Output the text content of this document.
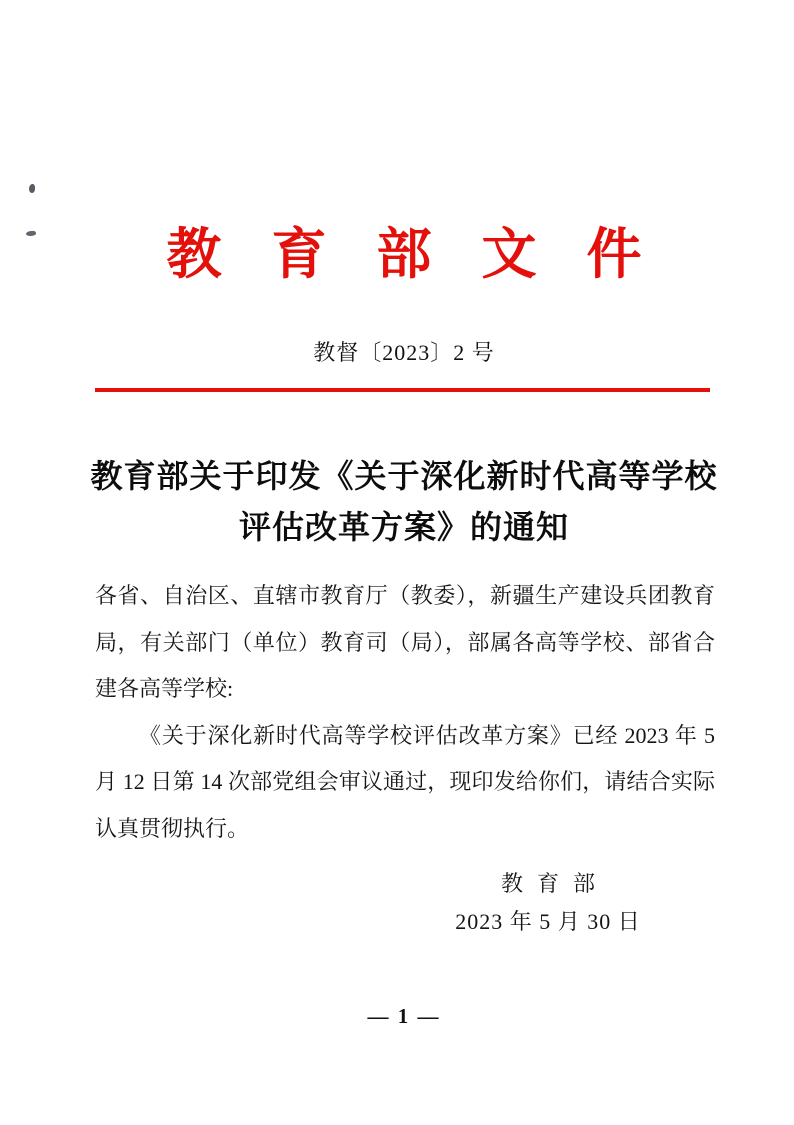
教育部文件
教督〔2023〕2 号
教育部关于印发《关于深化新时代高等学校
评估改革方案》的通知
各省、自治区、直辖市教育厅（教委），新疆生产建设兵团教育
局，有关部门（单位）教育司（局），部属各高等学校、部省合
建各高等学校:
《关于深化新时代高等学校评估改革方案》已经 2023 年 5
月 12 日第 14 次部党组会审议通过，现印发给你们，请结合实际
认真贯彻执行。
教育部
2023 年 5 月 30 日
— 1 —
